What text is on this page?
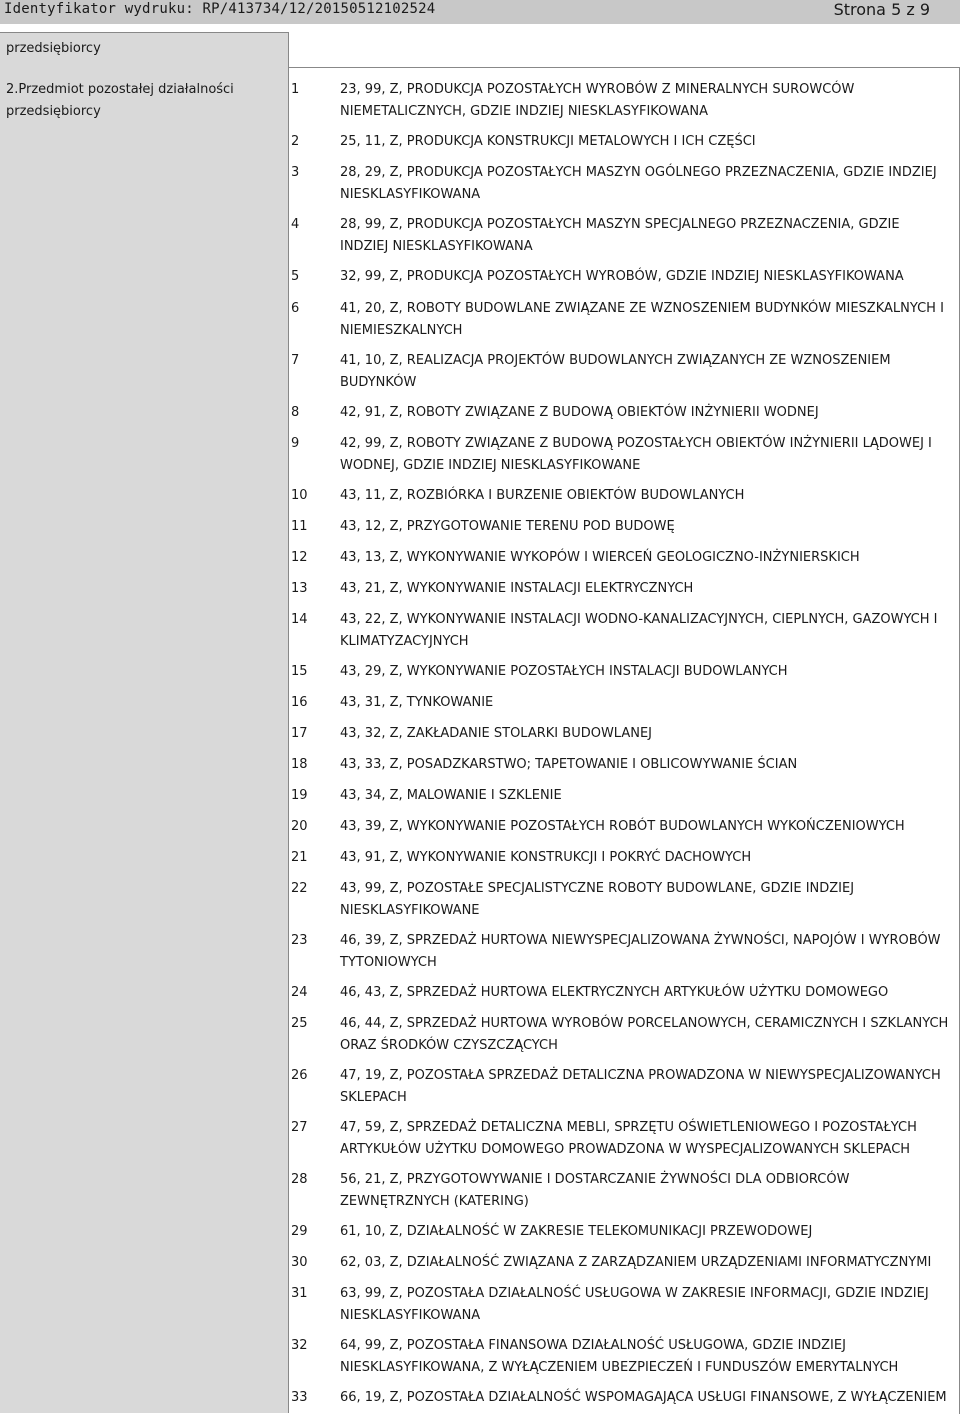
Identyfikator wydruku: RP/413734/12/20150512102524	Strona 5 z 9
przedsiębiorcy
2.Przedmiot pozostałej działalności
przedsiębiorcy
1	23, 99, Z, PRODUKCJA POZOSTAŁYCH WYROBÓW Z MINERALNYCH SUROWCÓW
NIEMETALICZNYCH, GDZIE INDZIEJ NIESKLASYFIKOWANA
2	25, 11, Z, PRODUKCJA KONSTRUKCJI METALOWYCH I ICH CZĘŚCI
3	28, 29, Z, PRODUKCJA POZOSTAŁYCH MASZYN OGÓLNEGO PRZEZNACZENIA, GDZIE INDZIEJ
NIESKLASYFIKOWANA
4	28, 99, Z, PRODUKCJA POZOSTAŁYCH MASZYN SPECJALNEGO PRZEZNACZENIA, GDZIE
INDZIEJ NIESKLASYFIKOWANA
5	32, 99, Z, PRODUKCJA POZOSTAŁYCH WYROBÓW, GDZIE INDZIEJ NIESKLASYFIKOWANA
6	41, 20, Z, ROBOTY BUDOWLANE ZWIĄZANE ZE WZNOSZENIEM BUDYNKÓW MIESZKALNYCH I
NIEMIESZKALNYCH
7	41, 10, Z, REALIZACJA PROJEKTÓW BUDOWLANYCH ZWIĄZANYCH ZE WZNOSZENIEM
BUDYNKÓW
8	42, 91, Z, ROBOTY ZWIĄZANE Z BUDOWĄ OBIEKTÓW INŻYNIERII WODNEJ
9	42, 99, Z, ROBOTY ZWIĄZANE Z BUDOWĄ POZOSTAŁYCH OBIEKTÓW INŻYNIERII LĄDOWEJ I
WODNEJ, GDZIE INDZIEJ NIESKLASYFIKOWANE
10 43, 11, Z, ROZBIÓRKA I BURZENIE OBIEKTÓW BUDOWLANYCH
11 43, 12, Z, PRZYGOTOWANIE TERENU POD BUDOWĘ
12 43, 13, Z, WYKONYWANIE WYKOPÓW I WIERCEŃ GEOLOGICZNO-INŻYNIERSKICH
13 43, 21, Z, WYKONYWANIE INSTALACJI ELEKTRYCZNYCH
14 43, 22, Z, WYKONYWANIE INSTALACJI WODNO-KANALIZACYJNYCH, CIEPLNYCH, GAZOWYCH I
KLIMATYZACYJNYCH
15 43, 29, Z, WYKONYWANIE POZOSTAŁYCH INSTALACJI BUDOWLANYCH
16 43, 31, Z, TYNKOWANIE
17 43, 32, Z, ZAKŁADANIE STOLARKI BUDOWLANEJ
18 43, 33, Z, POSADZKARSTWO; TAPETOWANIE I OBLICOWYWANIE ŚCIAN
19 43, 34, Z, MALOWANIE I SZKLENIE
20 43, 39, Z, WYKONYWANIE POZOSTAŁYCH ROBÓT BUDOWLANYCH WYKOŃCZENIOWYCH
21 43, 91, Z, WYKONYWANIE KONSTRUKCJI I POKRYĆ DACHOWYCH
22 43, 99, Z, POZOSTAŁE SPECJALISTYCZNE ROBOTY BUDOWLANE, GDZIE INDZIEJ
NIESKLASYFIKOWANE
23 46, 39, Z, SPRZEDAŻ HURTOWA NIEWYSPECJALIZOWANA ŻYWNOŚCI, NAPOJÓW I WYROBÓW
TYTONIOWYCH
24 46, 43, Z, SPRZEDAŻ HURTOWA ELEKTRYCZNYCH ARTYKUŁÓW UŻYTKU DOMOWEGO
25 46, 44, Z, SPRZEDAŻ HURTOWA WYROBÓW PORCELANOWYCH, CERAMICZNYCH I SZKLANYCH
ORAZ ŚRODKÓW CZYSZCZĄCYCH
26 47, 19, Z, POZOSTAŁA SPRZEDAŻ DETALICZNA PROWADZONA W NIEWYSPECJALIZOWANYCH
SKLEPACH
27 47, 59, Z, SPRZEDAŻ DETALICZNA MEBLI, SPRZĘTU OŚWIETLENIOWEGO I POZOSTAŁYCH
ARTYKUŁÓW UŻYTKU DOMOWEGO PROWADZONA W WYSPECJALIZOWANYCH SKLEPACH
28 56, 21, Z, PRZYGOTOWYWANIE I DOSTARCZANIE ŻYWNOŚCI DLA ODBIORCÓW
ZEWNĘTRZNYCH (KATERING)
29 61, 10, Z, DZIAŁALNOŚĆ W ZAKRESIE TELEKOMUNIKACJI PRZEWODOWEJ
30 62, 03, Z, DZIAŁALNOŚĆ ZWIĄZANA Z ZARZĄDZANIEM URZĄDZENIAMI INFORMATYCZNYMI
31 63, 99, Z, POZOSTAŁA DZIAŁALNOŚĆ USŁUGOWA W ZAKRESIE INFORMACJI, GDZIE INDZIEJ
NIESKLASYFIKOWANA
32 64, 99, Z, POZOSTAŁA FINANSOWA DZIAŁALNOŚĆ USŁUGOWA, GDZIE INDZIEJ
NIESKLASYFIKOWANA, Z WYŁĄCZENIEM UBEZPIECZEŃ I FUNDUSZÓW EMERYTALNYCH
33 66, 19, Z, POZOSTAŁA DZIAŁALNOŚĆ WSPOMAGAJĄCA USŁUGI FINANSOWE, Z WYŁĄCZENIEM
